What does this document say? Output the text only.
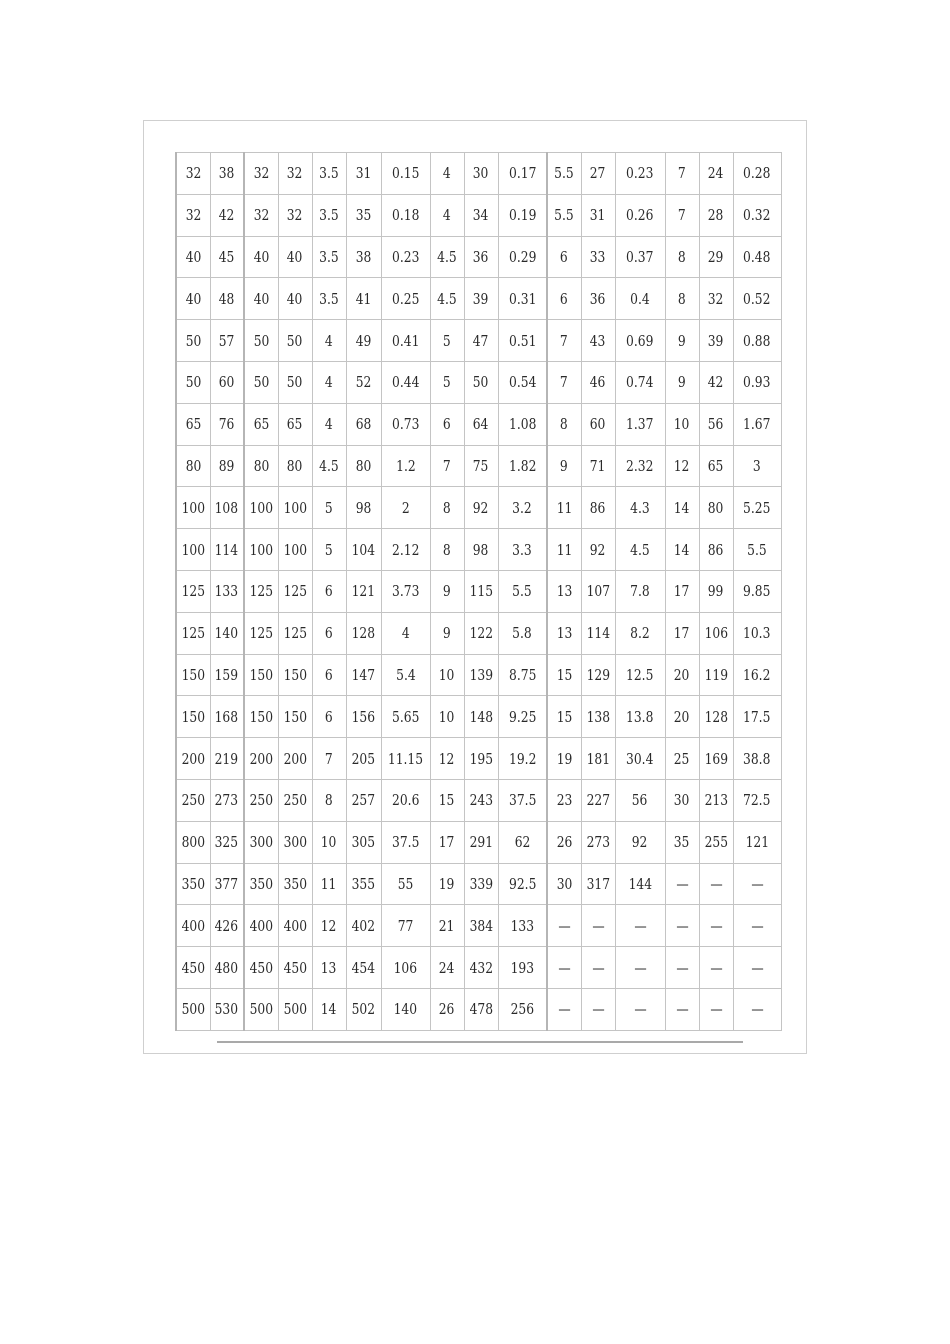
32	38	32	32	3.5	31	0.15	4	30	0.17	5.5	27	0.23	7	24	0.28
32	42	32	32	3.5	35	0.18	4	34	0.19	5.5	31	0.26	7	28	0.32
40	45	40	40	3.5	38	0.23	4.5	36	0.29	6	33	0.37	8	29	0.48
40	48	40	40	3.5	41	0.25	4.5	39	0.31	6	36	0.4	8	32	0.52
50	57	50	50	4	49	0.41	5	47	0.51	7	43	0.69	9	39	0.88
50	60	50	50	4	52	0.44	5	50	0.54	7	46	0.74	9	42	0.93
65	76	65	65	4	68	0.73	6	64	1.08	8	60	1.37	10	56	1.67
80	89	80	80	4.5	80	1.2	7	75	1.82	9	71	2.32	12	65	3
100	108	100	100	5	98	2	8	92	3.2	11	86	4.3	14	80	5.25
100	114	100	100	5	104	2.12	8	98	3.3	11	92	4.5	14	86	5.5
125	133	125	125	6	121	3.73	9	115	5.5	13	107	7.8	17	99	9.85
125	140	125	125	6	128	4	9	122	5.8	13	114	8.2	17	106	10.3
150	159	150	150	6	147	5.4	10	139	8.75	15	129	12.5	20	119	16.2
150	168	150	150	6	156	5.65	10	148	9.25	15	138	13.8	20	128	17.5
200	219	200	200	7	205	11.15	12	195	19.2	19	181	30.4	25	169	38.8
250	273	250	250	8	257	20.6	15	243	37.5	23	227	56	30	213	72.5
800	325	300	300	10	305	37.5	17	291	62	26	273	92	35	255	121
350	377	350	350	11	355	55	19	339	92.5	30	317	144	—	—	—
400	426	400	400	12	402	77	21	384	133	—	—	—	—	—	—
450	480	450	450	13	454	106	24	432	193	—	—	—	—	—	—
500	530	500	500	14	502	140	26	478	256	—	—	—	—	—	—
